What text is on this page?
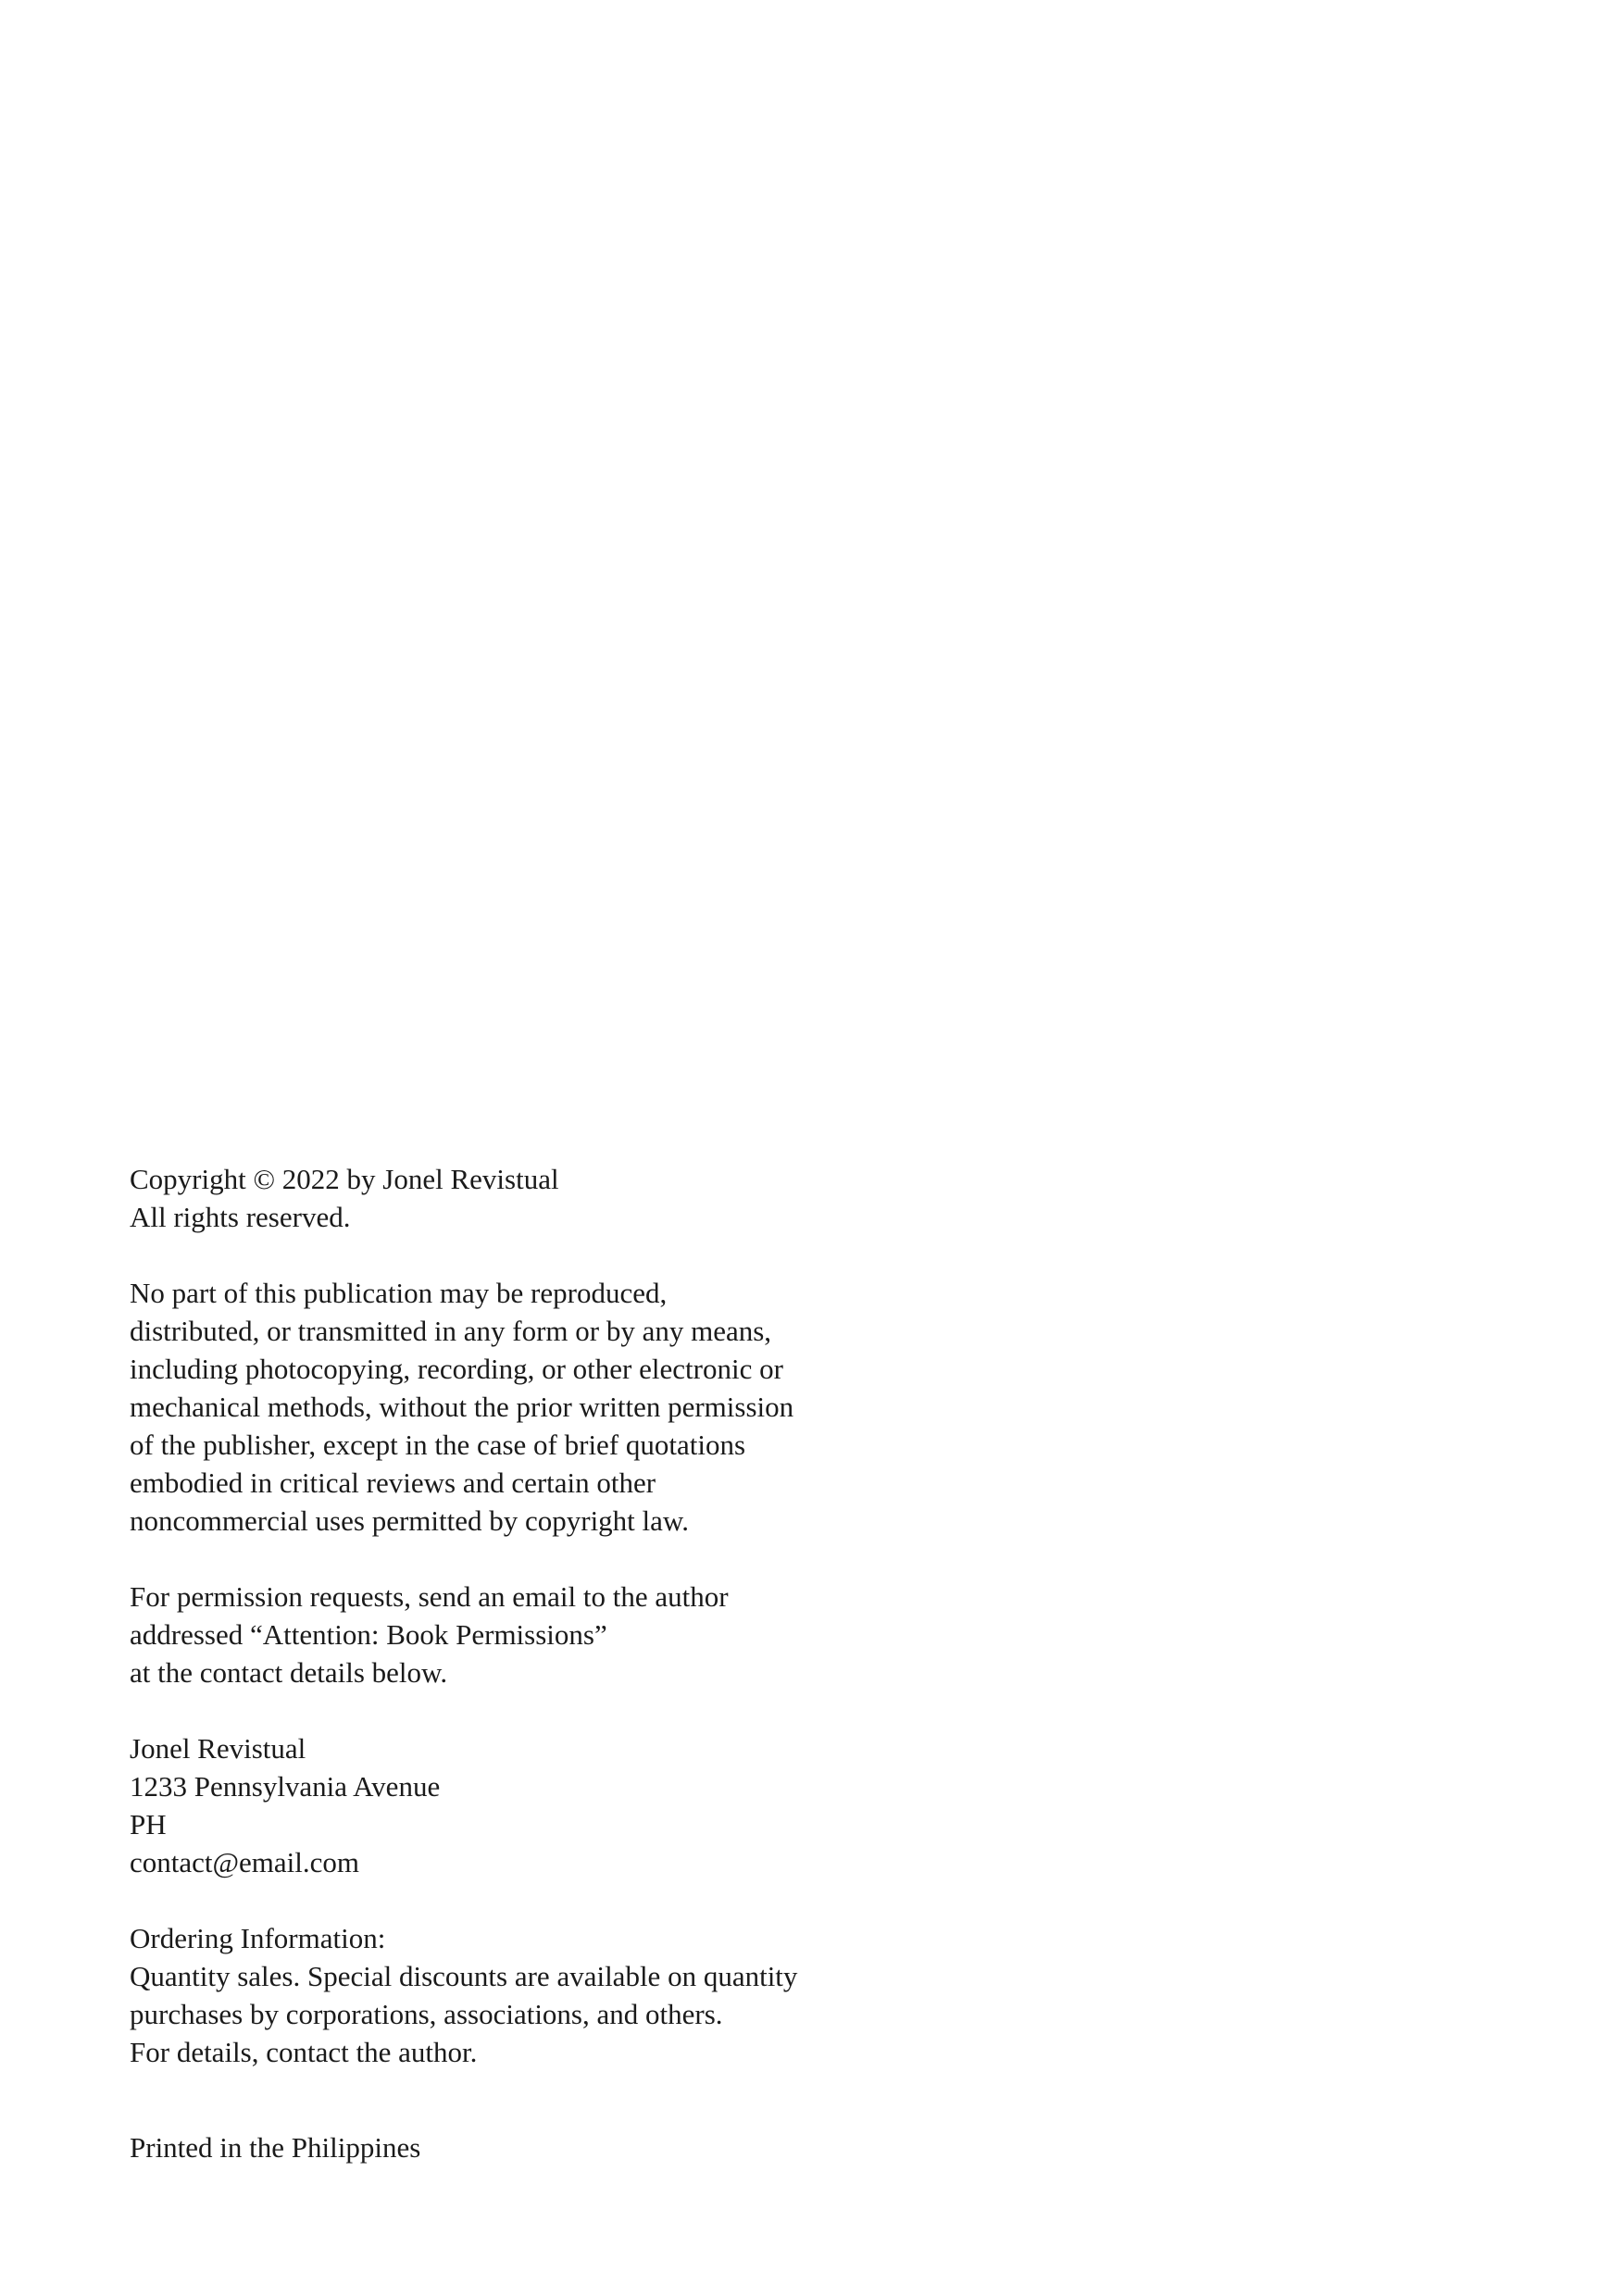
Copyright © 2022 by Jonel Revistual
All rights reserved.
No part of this publication may be reproduced,
distributed, or transmitted in any form or by any means,
including photocopying, recording, or other electronic or
mechanical methods, without the prior written permission
of the publisher, except in the case of brief quotations
embodied in critical reviews and certain other
noncommercial uses permitted by copyright law.
For permission requests, send an email to the author
addressed “Attention: Book Permissions”
at the contact details below.
Jonel Revistual
1233 Pennsylvania Avenue
PH
contact@email.com
Ordering Information:
Quantity sales. Special discounts are available on quantity
purchases by corporations, associations, and others.
For details, contact the author.
Printed in the Philippines
